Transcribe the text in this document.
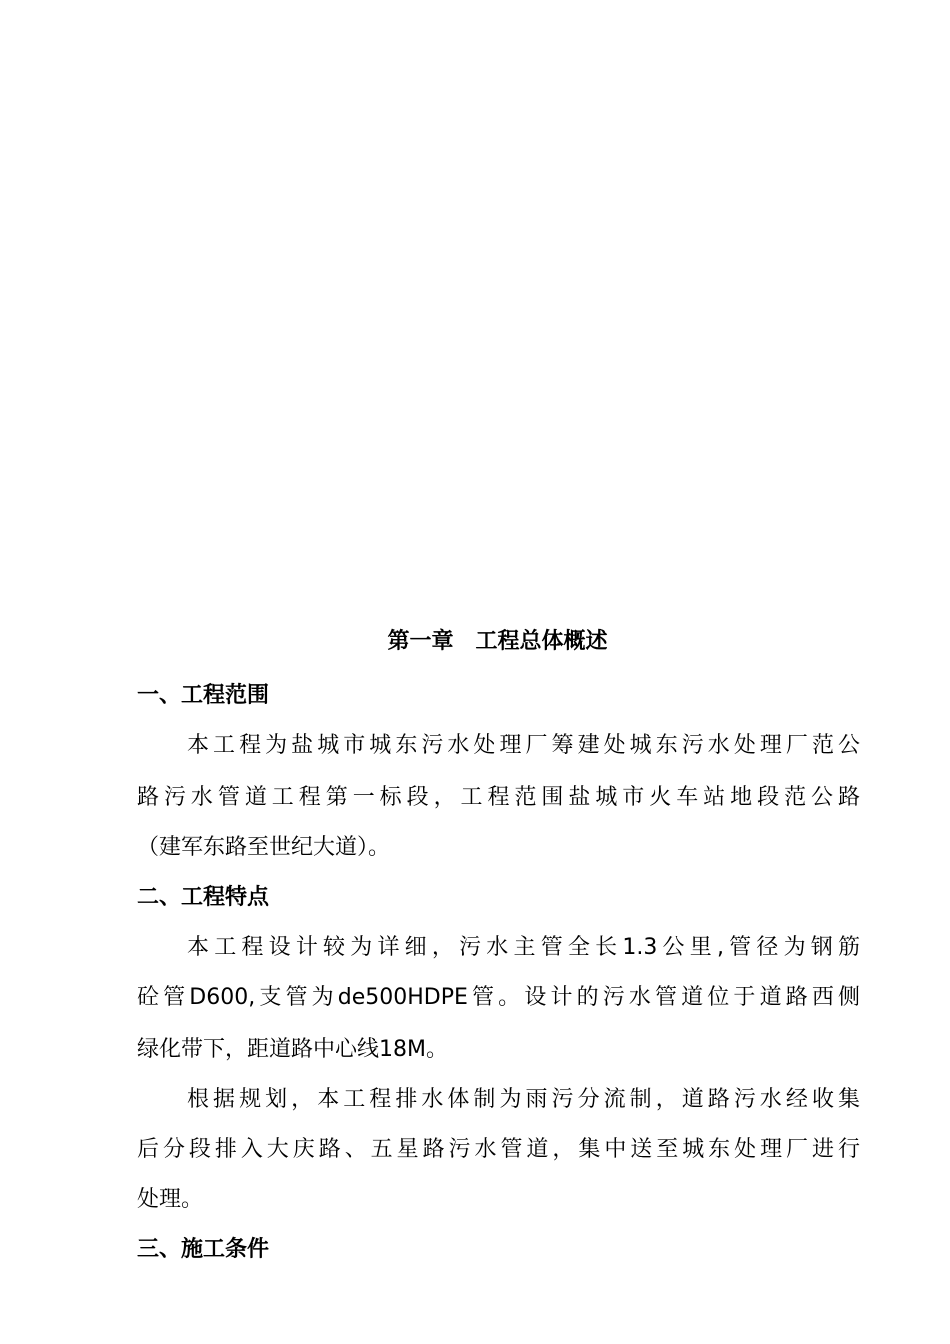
第一章　工程总体概述
一、工程范围
本工程为盐城市城东污水处理厂筹建处城东污水处理厂范公
路污水管道工程第一标段，工程范围盐城市火车站地段范公路
（建军东路至世纪大道）。
二、工程特点
本工程设计较为详细，污水主管全长1.3公里,管径为钢筋
砼管D600,支管为de500HDPE管。设计的污水管道位于道路西侧
绿化带下，距道路中心线18M。
根据规划，本工程排水体制为雨污分流制，道路污水经收集
后分段排入大庆路、五星路污水管道，集中送至城东处理厂进行
处理。
三、施工条件
